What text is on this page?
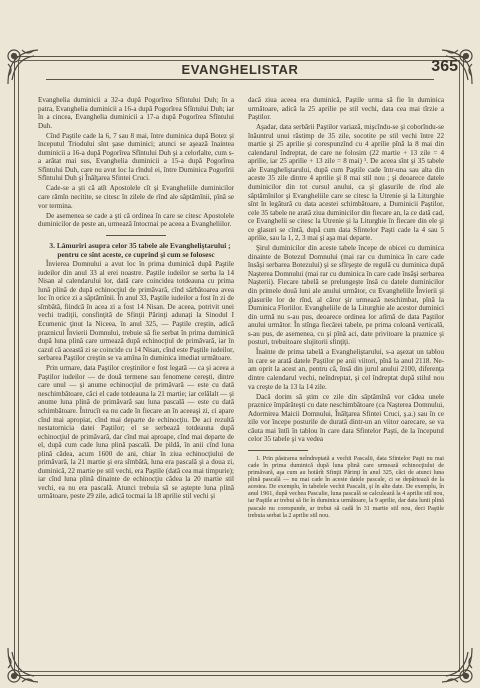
EVANGHELISTAR	365

Evanghelia duminicii a 32-a după Pogorîrea Sfîntului Duh; în a patra, Evanghelia duminicii a 16-a după Pogorîrea Sfîntului Duh; iar în a cincea, Evanghelia duminicii a 17-a după Pogorîrea Sfîntului Duh.

Cînd Paştile cade la 6, 7 sau 8 mai, între duminica după Botez şi începutul Triodului sînt şase duminici; atunci se aşează înaintea duminicii a 16-a după Pogorîrea Sfîntului Duh şi a celorlalte, cum s-a arătat mai sus, Evanghelia duminicii a 15-a după Pogorîrea Sfîntului Duh, care nu avut loc la rîndul ei, între Duminica Pogorîrii Sfîntului Duh şi Înălţarea Sfintei Cruci.

Cade-se a şti că atît Apostolele cît şi Evangheliile duminicilor care rămîn necitite, se citesc în zilele de rînd ale săptămînii, pînă se vor termina.

De asemenea se cade a şti că ordinea în care se citesc Apostolele duminicilor de peste an, urmează întocmai pe aceea a Evangheliilor.

3. Lămuriri asupra celor 35 tabele ale Evangheliştarului ; pentru ce sînt aceste, ce cuprind şi cum se folosesc

Învierea Domnului a avut loc în prima duminică după Paştile iudeilor din anul 33 al erei noastre. Paştile iudeilor se serba la 14 Nisan al calendarului lor, dată care coincidea totdeauna cu prima lună plină de după echinocţiul de primăvară, cînd sărbătoarea avea loc în orice zi a săptămînii. În anul 33, Paştile iudeilor a fost în zi de sîmbătă, fiindcă în acea zi a fost 14 Nisan. De aceea, potrivit unei vechi tradiţii, consfinţită de Sfinţii Părinţi adunaţi la Sinodul I Ecumenic ţinut la Niceea, în anul 325, — Paştile creştin, adică praznicul Învierii Domnului, trebuie să fie serbat în prima duminică după luna plină care urmează după echinocţiul de primăvară, iar în cazul că această zi se coincide cu 14 Nisan, cînd este Paştile iudeilor, serbarea Paştilor creştin se va amîna în duminica imediat următoare.

Prin urmare, data Paştilor creştinilor e fost legată — ca şi aceea a Paştilor iudeilor — de două termene sau fenomene cereşti, dintre care unul — şi anume echinocţiul de primăvară — este cu dată neschimbătoare, căci el cade totdeauna la 21 martie; iar celălalt — şi anume luna plină de primăvară sau luna pascală — este cu dată schimbătoare. Întrucît ea nu cade în fiecare an în aceeaşi zi, ci apare cînd mai apropiat, cînd mai departe de echinocţiu. De aci rezultă nestatornicia datei Paştilor; el se serbează totdeauna după echinocţiul de primăvară, dar cînd mai aproape, cînd mai departe de el, după cum cade luna plină pascală. De pildă, în anii cînd luna plină cădea, acum 1600 de ani, chiar în ziua echinocţiului de primăvară, la 21 martie şi era sîmbătă, luna era pascală şi a doua zi, duminică, 22 martie pe stil vechi, era Paştile (dată cea mai timpurie); iar cînd luna plină dinainte de echinocţiu cădea la 20 martie stil vechi, ea nu era pascală. Atunci trebuia să se aştepte luna plină următoare, peste 29 zile, adică tocmai la 18 aprilie stil vechi şi

dacă ziua aceea era duminică, Paştile urma să fie în duminica următoare, adică la 25 aprilie pe stil vechi, data cea mai tîrzie a Paştilor.

Aşadar, data serbării Paştilor variază, mişcîndu-se şi coborîndu-se înăuntrul unui răstimp de 35 zile, socotite pe stil vechi între 22 martie şi 25 aprilie şi corespunzînd cu 4 aprilie pînă la 8 mai din calendarul îndreptat, de care ne folosim (22 martie + 13 zile = 4 aprilie, iar 25 aprilie + 13 zile = 8 mai) ¹. De aceea sînt şi 35 tabele ale Evangheliştarului, după cum Paştile cade într-una sau alta din aceste 35 zile dintre 4 aprilie şi 8 mai stil nou ; şi deoarece datele duminicilor din tot cursul anului, ca şi glasurile de rînd ale săptămînilor şi Evangheliile care se citesc la Utrenie şi la Liturghie sînt în legătură cu data acestei schimbătoare, a Duminicii Paştilor, cele 35 tabele ne arată ziua duminicilor din fiecare an, la ce dată cad, ce Evanghelii se citesc la Utrenie şi la Liturghie în fiecare din ele şi ce glasuri se cîntă, după cum data Sfintelor Paşti cade la 4 sau 5 aprilie, sau la 1, 2, 3 mai şi aşa mai departe.

Şirul duminicilor din aceste tabele începe de obicei cu duminica dinainte de Botezul Domnului (mai rar cu duminica în care cade însăşi serbarea Botezului) şi se sfîrşeşte de regulă cu duminica după Naşterea Domnului (mai rar cu duminica în care cade însăşi serbarea Naşterii). Fiecare tabelă se prelungeşte însă cu datele duminicilor din primele două luni ale anului următor, cu Evangheliile Învierii şi glasurile lor de rînd, al căror şir urmează neschimbat, pînă la Duminica Floriilor. Evangheliile de la Liturghie ale acestor duminici din urmă nu s-au pus, deoarece ordinea lor atîrnă de data Paştilor anului următor. În stînga fiecărei tabele, pe prima coloană verticală, s-au pus, de asemenea, cu şi pînă aci, date privitoare la praznice şi posturi, trebuitoare slujitorii sfinţiţi.

Înainte de prima tabelă a Evangheliştarului, s-a aşezat un tablou în care se arată datele Paştilor pe anii viitori, pînă la anul 2118. Ne-am oprit la acest an, pentru că, însă din jurul anului 2100, diferenţa dintre calendarul vechi, neîndreptat, şi cel îndreptat după stilul nou va creşte de la 13 la 14 zile.

Dacă dorim să ştim ce zile din săptămînă vor cădea unele praznice împărăteşti cu date neschimbătoare (ca Naşterea Domnului, Adormirea Maicii Domnului, Înălţarea Sfintei Cruci, ş.a.) sau în ce zile vor începe posturile de durată dintr-un an viitor oarecare, se va căuta mai întîi în tablou în care data Sfintelor Paşti, de la începutul celor 35 tabele şi va vedea

1. Prin păstrarea neîndreptată a vechii Pascalii, data Sfintelor Paşti nu mai cade în prima duminică după luna plină care urmează echinocţiului de primăvară, aşa cum au hotărît Sfinţii Părinţi în anul 325, căci de atunci luna plină pascală — nu mai cade în aceste datele pascale, ci se depărtează de la acestea. De exemplu, în tabelele vechii Pascalii, şi în alte date. De exemplu, în anul 1961, după vechea Pascalie, luna pascală se calculează la 4 aprilie stil nou, iar Paştile ar trebui să fie în duminica următoare, la 9 aprilie, dar data lunii plină pascale nu corespunde, ar trebui să cadă în 31 martie stil nou, deci Paştile trebuia serbat la 2 aprilie stil nou.
